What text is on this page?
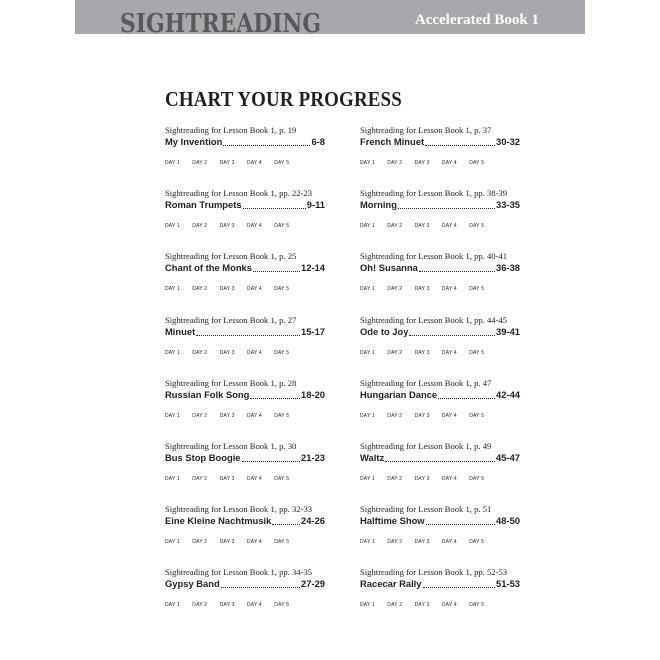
SIGHTREADING	Accelerated Book 1
CHART YOUR PROGRESS
Sightreading for Lesson Book 1, p. 19
My Invention	6-8
DAY 1	DAY 2	DAY 3	DAY 4	DAY 5
Sightreading for Lesson Book 1, pp. 22-23
Roman Trumpets	9-11
DAY 1	DAY 2	DAY 3	DAY 4	DAY 5
Sightreading for Lesson Book 1, p. 25
Chant of the Monks	12-14
DAY 1	DAY 2	DAY 3	DAY 4	DAY 5
Sightreading for Lesson Book 1, p. 27
Minuet	15-17
DAY 1	DAY 2	DAY 3	DAY 4	DAY 5
Sightreading for Lesson Book 1, p. 28
Russian Folk Song	18-20
DAY 1	DAY 2	DAY 3	DAY 4	DAY 5
Sightreading for Lesson Book 1, p. 30
Bus Stop Boogie	21-23
DAY 1	DAY 2	DAY 3	DAY 4	DAY 5
Sightreading for Lesson Book 1, pp. 32-33
Eine Kleine Nachtmusik	24-26
DAY 1	DAY 2	DAY 3	DAY 4	DAY 5
Sightreading for Lesson Book 1, pp. 34-35
Gypsy Band	27-29
DAY 1	DAY 2	DAY 3	DAY 4	DAY 5
Sightreading for Lesson Book 1, p. 37
French Minuet	30-32
DAY 1	DAY 2	DAY 3	DAY 4	DAY 5
Sightreading for Lesson Book 1, pp. 38-39
Morning	33-35
DAY 1	DAY 2	DAY 3	DAY 4	DAY 5
Sightreading for Lesson Book 1, pp. 40-41
Oh! Susanna	36-38
DAY 1	DAY 2	DAY 3	DAY 4	DAY 5
Sightreading for Lesson Book 1, pp. 44-45
Ode to Joy	39-41
DAY 1	DAY 2	DAY 3	DAY 4	DAY 5
Sightreading for Lesson Book 1, p. 47
Hungarian Dance	42-44
DAY 1	DAY 2	DAY 3	DAY 4	DAY 5
Sightreading for Lesson Book 1, p. 49
Waltz	45-47
DAY 1	DAY 2	DAY 3	DAY 4	DAY 5
Sightreading for Lesson Book 1, p. 51
Halftime Show	48-50
DAY 1	DAY 2	DAY 3	DAY 4	DAY 5
Sightreading for Lesson Book 1, pp. 52-53
Racecar Rally	51-53
DAY 1	DAY 2	DAY 3	DAY 4	DAY 5
